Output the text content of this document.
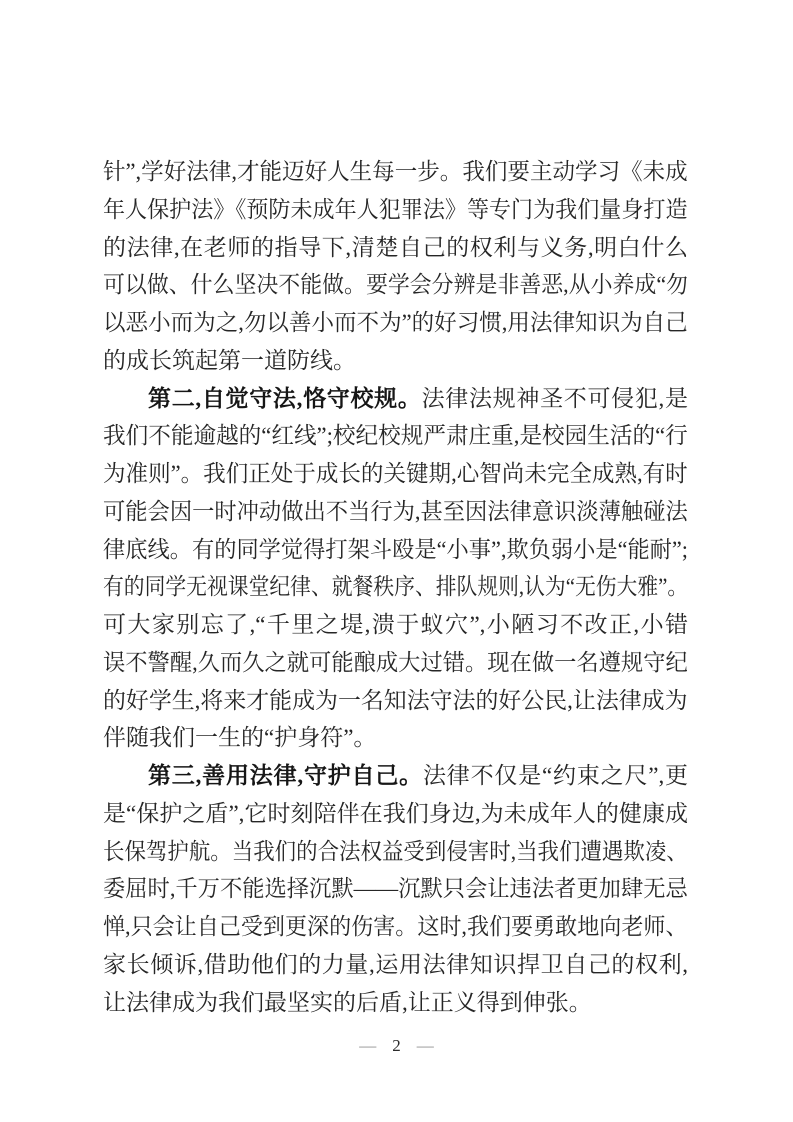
针”,学好法律,才能迈好人生每一步。我们要主动学习《未成
年人保护法》《预防未成年人犯罪法》等专门为我们量身打造
的法律,在老师的指导下,清楚自己的权利与义务,明白什么
可以做、什么坚决不能做。要学会分辨是非善恶,从小养成“勿
以恶小而为之,勿以善小而不为”的好习惯,用法律知识为自己
的成长筑起第一道防线。
第二,自觉守法,恪守校规。法律法规神圣不可侵犯,是
我们不能逾越的“红线”;校纪校规严肃庄重,是校园生活的“行
为准则”。我们正处于成长的关键期,心智尚未完全成熟,有时
可能会因一时冲动做出不当行为,甚至因法律意识淡薄触碰法
律底线。有的同学觉得打架斗殴是“小事”,欺负弱小是“能耐”;
有的同学无视课堂纪律、就餐秩序、排队规则,认为“无伤大雅”。
可大家别忘了,“千里之堤,溃于蚁穴”,小陋习不改正,小错
误不警醒,久而久之就可能酿成大过错。现在做一名遵规守纪
的好学生,将来才能成为一名知法守法的好公民,让法律成为
伴随我们一生的“护身符”。
第三,善用法律,守护自己。法律不仅是“约束之尺”,更
是“保护之盾”,它时刻陪伴在我们身边,为未成年人的健康成
长保驾护航。当我们的合法权益受到侵害时,当我们遭遇欺凌、
委屈时,千万不能选择沉默——沉默只会让违法者更加肆无忌
惮,只会让自己受到更深的伤害。这时,我们要勇敢地向老师、
家长倾诉,借助他们的力量,运用法律知识捍卫自己的权利,
让法律成为我们最坚实的后盾,让正义得到伸张。
— 2 —
